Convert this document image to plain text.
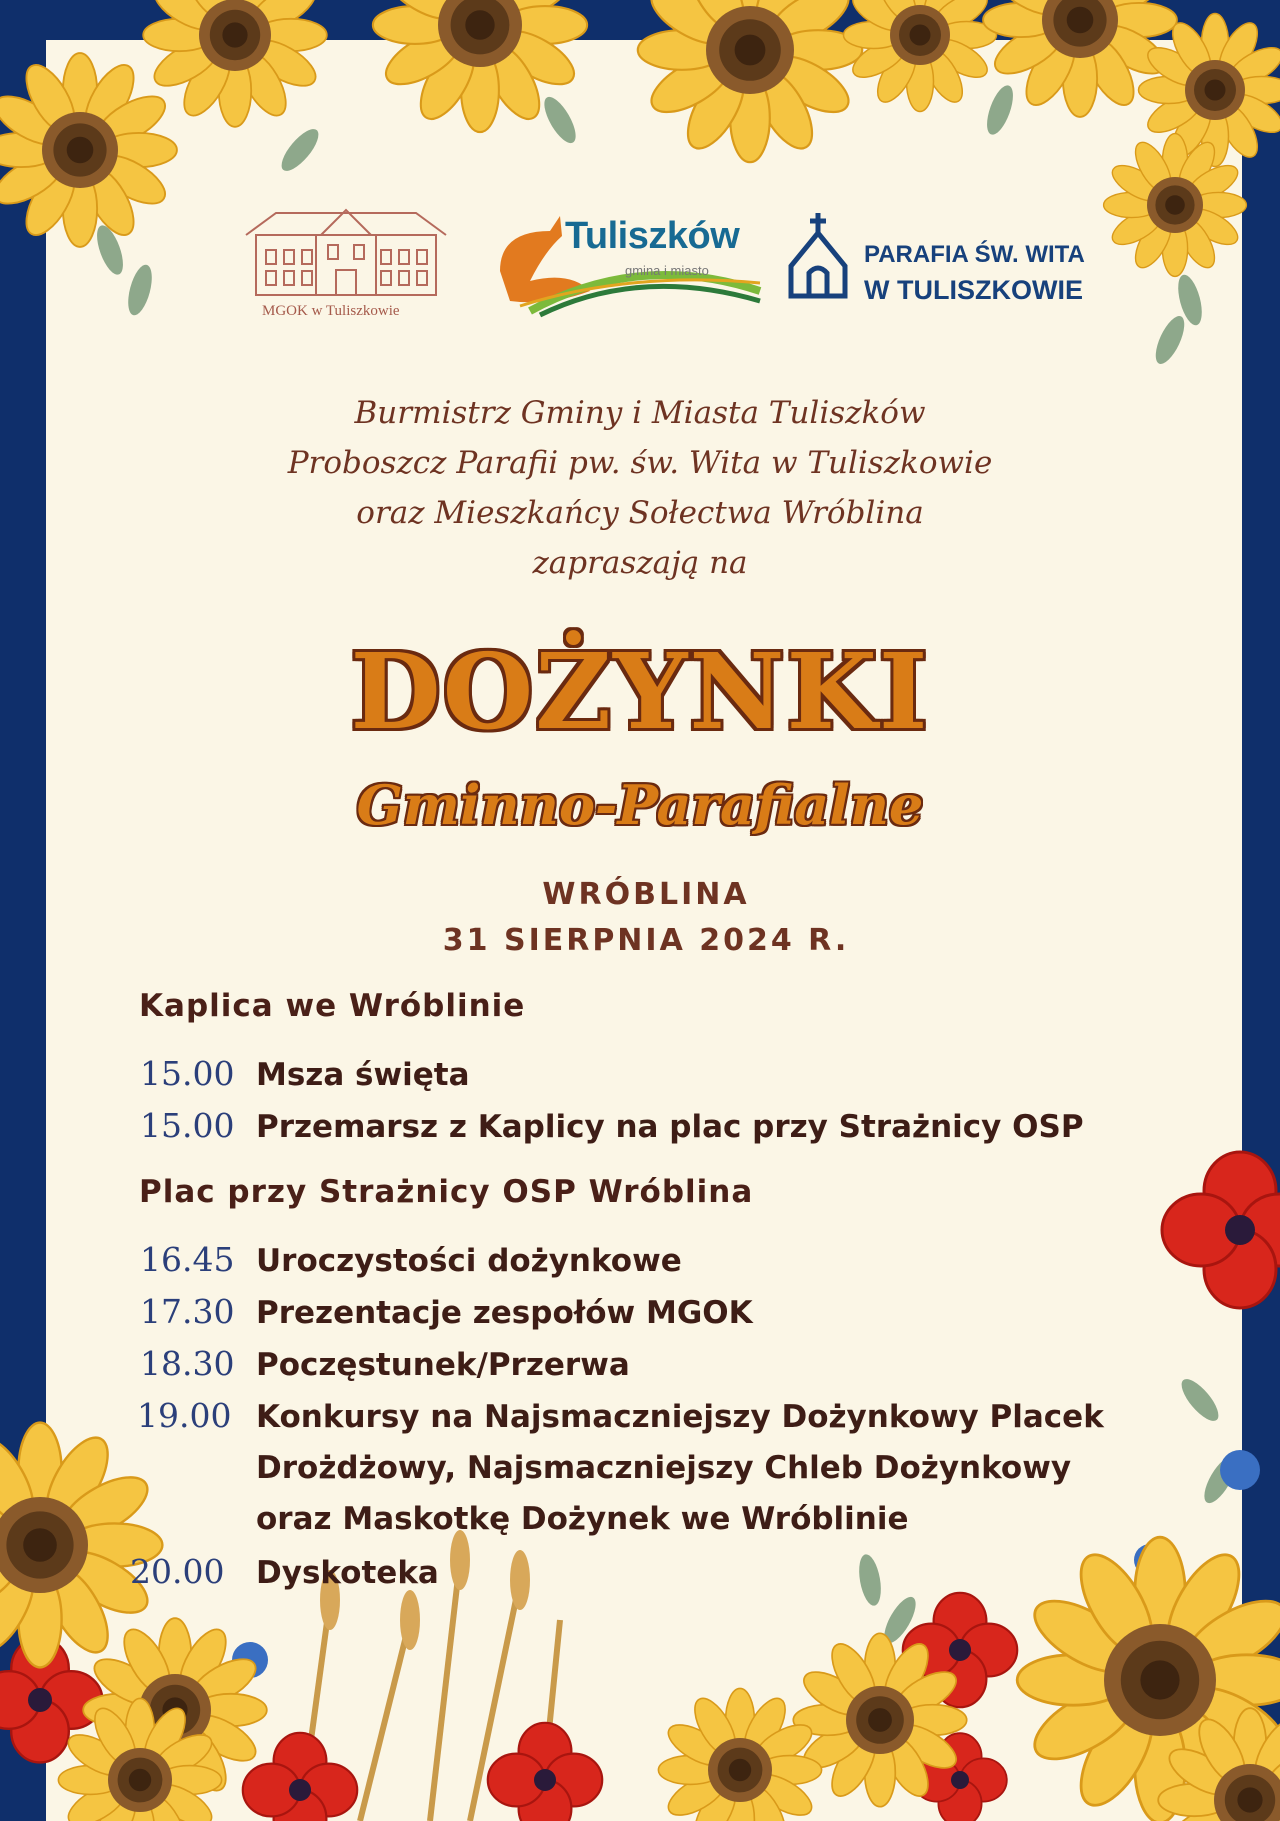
MGOK w Tuliszkowie
Tuliszków
gmina i miasto
PARAFIA ŚW. WITA
W TULISZKOWIE
Burmistrz Gminy i Miasta Tuliszków
Proboszcz Parafii pw. św. Wita w Tuliszkowie
oraz Mieszkańcy Sołectwa Wróblina
zapraszają na
DOŻYNKI
Gminno-Parafialne
WRÓBLINA
31 SIERPNIA 2024 R.
Kaplica we Wróblinie
15.00 Msza święta
15.00 Przemarsz z Kaplicy na plac przy Strażnicy OSP
Plac przy Strażnicy OSP Wróblina
16.45 Uroczystości dożynkowe
17.30 Prezentacje zespołów MGOK
18.30 Poczęstunek/Przerwa
19.00 Konkursy na Najsmaczniejszy Dożynkowy Placek Drożdżowy, Najsmaczniejszy Chleb Dożynkowy oraz Maskotkę Dożynek we Wróblinie
20.00	Dyskoteka
